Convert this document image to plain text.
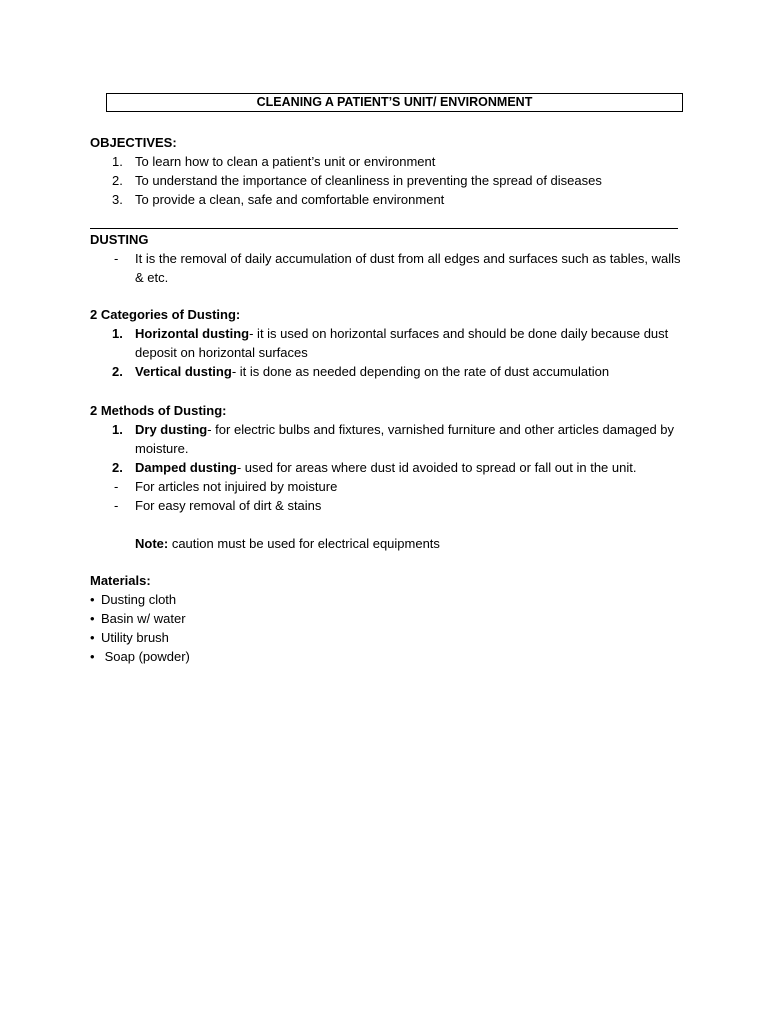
CLEANING A PATIENT’S UNIT/ ENVIRONMENT
OBJECTIVES:
1. To learn how to clean a patient’s unit or environment
2. To understand the importance of cleanliness in preventing the spread of diseases
3. To provide a clean, safe and comfortable environment
DUSTING
- It is the removal of daily accumulation of dust from all edges and surfaces such as tables, walls & etc.
2 Categories of Dusting:
1. Horizontal dusting- it is used on horizontal surfaces and should be done daily because dust deposit on horizontal surfaces
2. Vertical dusting- it is done as needed depending on the rate of dust accumulation
2 Methods of Dusting:
1. Dry dusting- for electric bulbs and fixtures, varnished furniture and other articles damaged by moisture.
2. Damped dusting- used for areas where dust id avoided to spread or fall out in the unit.
- For articles not injuired by moisture
- For easy removal of dirt & stains
Note: caution must be used for electrical equipments
Materials:
• Dusting cloth
• Basin w/ water
• Utility brush
• Soap (powder)
